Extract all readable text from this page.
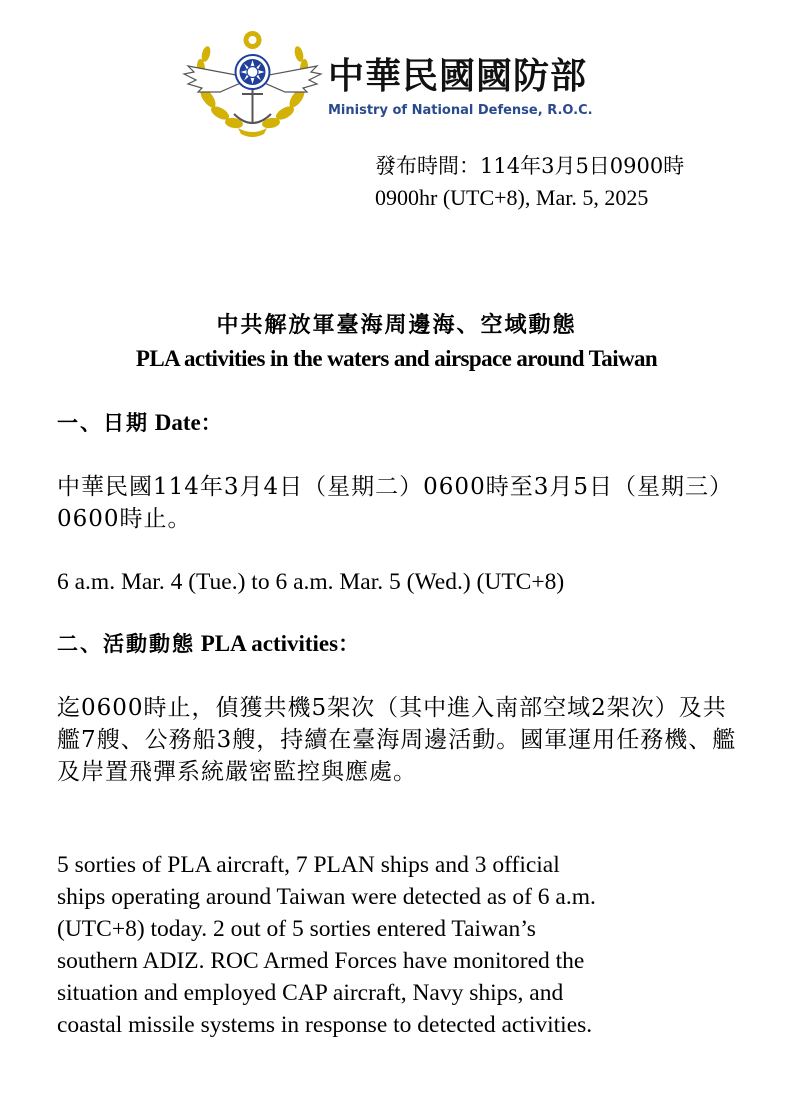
中華民國國防部
Ministry of National Defense, R.O.C.
發布時間：114年3月5日0900時
0900hr (UTC+8), Mar. 5, 2025
中共解放軍臺海周邊海、空域動態
PLA activities in the waters and airspace around Taiwan
一、日期 Date：
中華民國114年3月4日（星期二）0600時至3月5日（星期三）0600時止。
6 a.m. Mar. 4 (Tue.) to 6 a.m. Mar. 5 (Wed.) (UTC+8)
二、活動動態 PLA activities：
迄0600時止，偵獲共機5架次（其中進入南部空域2架次）及共艦7艘、公務船3艘，持續在臺海周邊活動。國軍運用任務機、艦及岸置飛彈系統嚴密監控與應處。
5 sorties of PLA aircraft, 7 PLAN ships and 3 official
ships operating around Taiwan were detected as of 6 a.m.
(UTC+8) today. 2 out of 5 sorties entered Taiwan’s
southern ADIZ. ROC Armed Forces have monitored the
situation and employed CAP aircraft, Navy ships, and
coastal missile systems in response to detected activities.
